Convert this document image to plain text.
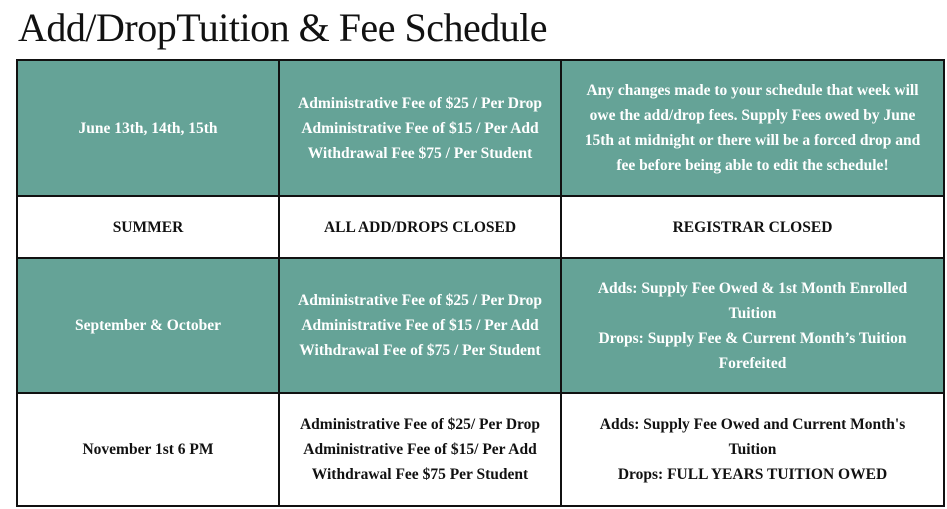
Add/DropTuition & Fee Schedule
June 13th, 14th, 15th	Administrative Fee of $25 / Per Drop
Administrative Fee of $15 / Per Add
Withdrawal Fee $75 / Per Student	Any changes made to your schedule that week will
owe the add/drop fees. Supply Fees owed by June
15th at midnight or there will be a forced drop and
fee before being able to edit the schedule!

SUMMER	ALL ADD/DROPS CLOSED	REGISTRAR CLOSED

September & October	Administrative Fee of $25 / Per Drop
Administrative Fee of $15 / Per Add
Withdrawal Fee of $75 / Per Student	Adds: Supply Fee Owed & 1st Month Enrolled
Tuition
Drops: Supply Fee & Current Month’s Tuition
Forefeited

November 1st 6 PM	Administrative Fee of $25/ Per Drop
Administrative Fee of $15/ Per Add
Withdrawal Fee $75 Per Student	Adds: Supply Fee Owed and Current Month's
Tuition
Drops: FULL YEARS TUITION OWED
